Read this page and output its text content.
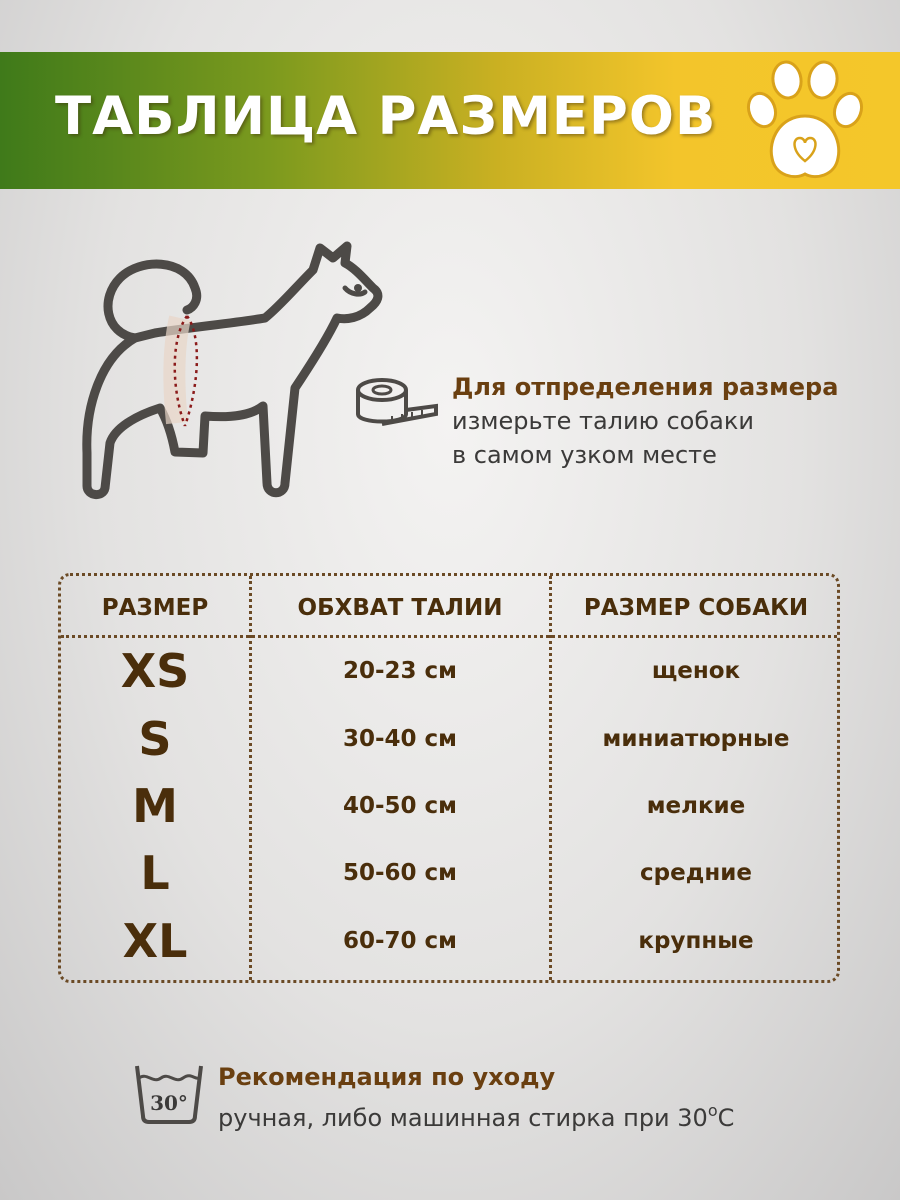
ТАБЛИЦА РАЗМЕРОВ
Для отпределения размера
измерьте талию собаки
в самом узком месте
РАЗМЕР	ОБХВАТ ТАЛИИ	РАЗМЕР СОБАКИ
XS	20-23 см	щенок
S	30-40 см	миниатюрные
M	40-50 см	мелкие
L	50-60 см	средние
XL	60-70 см	крупные
30°
Рекомендация по уходу
ручная, либо машинная стирка при $30^оС$
